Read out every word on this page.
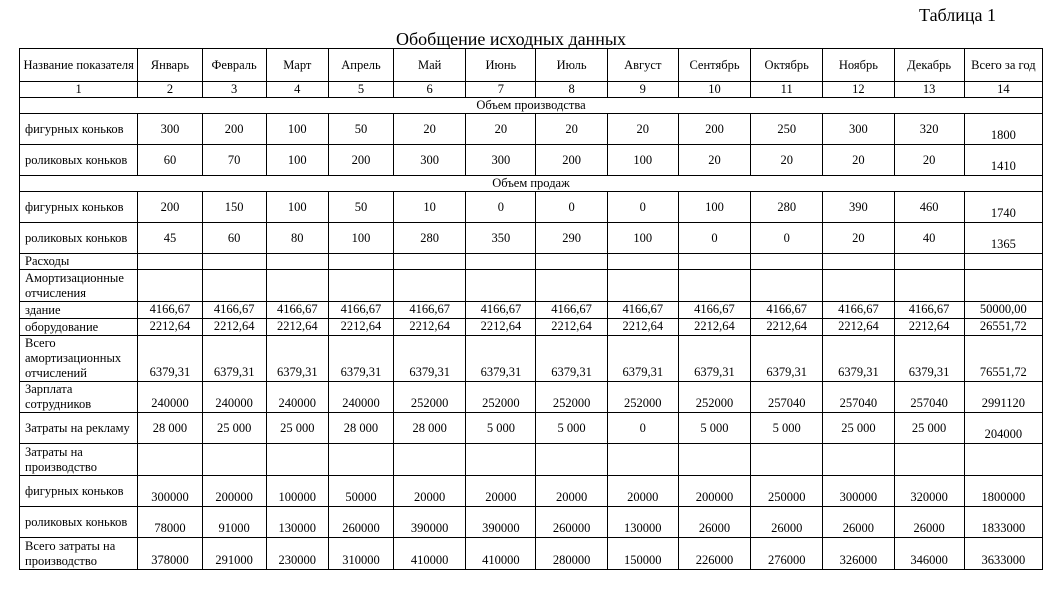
Таблица 1
Обобщение исходных данных
Название показателя	Январь	Февраль	Март	Апрель	Май	Июнь	Июль	Август	Сентябрь	Октябрь	Ноябрь	Декабрь	Всего за год
1	2	3	4	5	6	7	8	9	10	11	12	13	14
Объем производства													
фигурных коньков	300	200	100	50	20	20	20	20	200	250	300	320	1800
роликовых коньков	60	70	100	200	300	300	200	100	20	20	20	20	1410
Объем продаж													
фигурных коньков	200	150	100	50	10	0	0	0	100	280	390	460	1740
роликовых коньков	45	60	80	100	280	350	290	100	0	0	20	40	1365
Расходы													
Амортизационные отчисления													
здание	4166,67	4166,67	4166,67	4166,67	4166,67	4166,67	4166,67	4166,67	4166,67	4166,67	4166,67	4166,67	50000,00
оборудование	2212,64	2212,64	2212,64	2212,64	2212,64	2212,64	2212,64	2212,64	2212,64	2212,64	2212,64	2212,64	26551,72
Всего амортизационных отчислений	6379,31	6379,31	6379,31	6379,31	6379,31	6379,31	6379,31	6379,31	6379,31	6379,31	6379,31	6379,31	76551,72
Зарплата сотрудников	240000	240000	240000	240000	252000	252000	252000	252000	252000	257040	257040	257040	2991120
Затраты на рекламу	28 000	25 000	25 000	28 000	28 000	5 000	5 000	0	5 000	5 000	25 000	25 000	204000
Затраты на производство													
фигурных коньков	300000	200000	100000	50000	20000	20000	20000	20000	200000	250000	300000	320000	1800000
роликовых коньков	78000	91000	130000	260000	390000	390000	260000	130000	26000	26000	26000	26000	1833000
Всего затраты на производство	378000	291000	230000	310000	410000	410000	280000	150000	226000	276000	326000	346000	3633000
